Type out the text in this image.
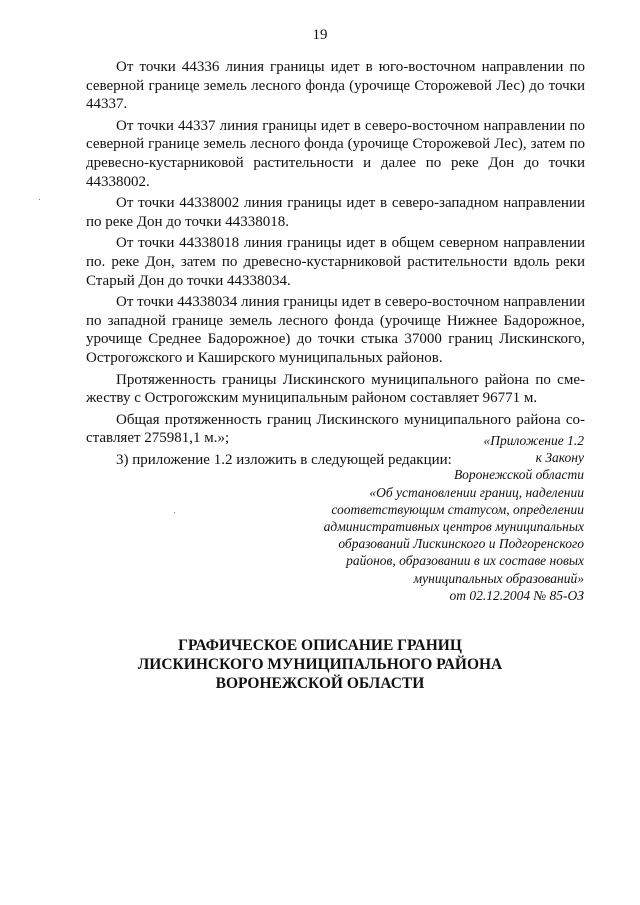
19
От точки 44336 линия границы идет в юго-восточном направлении по
северной границе земель лесного фонда (урочище Сторожевой Лес) до точки
44337.
От точки 44337 линия границы идет в северо-восточном направлении по
северной границе земель лесного фонда (урочище Сторожевой Лес), затем по
древесно-кустарниковой растительности и далее по реке Дон до точки
44338002.
От точки 44338002 линия границы идет в северо-западном направлении
по реке Дон до точки 44338018.
От точки 44338018 линия границы идет в общем северном направлении
по. реке Дон, затем по древесно-кустарниковой растительности вдоль реки
Старый Дон до точки 44338034.
От точки 44338034 линия границы идет в северо-восточном направлении
по западной границе земель лесного фонда (урочище Нижнее Бадорожное,
урочище Среднее Бадорожное) до точки стыка 37000 границ Лискинского,
Острогожского и Каширского муниципальных районов.
Протяженность границы Лискинского муниципального района по сме-
жеству с Острогожским муниципальным районом составляет 96771 м.
Общая протяженность границ Лискинского муниципального района со-
ставляет 275981,1 м.»;
3) приложение 1.2 изложить в следующей редакции:
«Приложение 1.2
к Закону
Воронежской области
«Об установлении границ, наделении
соответствующим статусом, определении
административных центров муниципальных
образований Лискинского и Подгоренского
районов, образовании в их составе новых
муниципальных образований»
от 02.12.2004 № 85-ОЗ
ГРАФИЧЕСКОЕ ОПИСАНИЕ ГРАНИЦ
ЛИСКИНСКОГО МУНИЦИПАЛЬНОГО РАЙОНА
ВОРОНЕЖСКОЙ ОБЛАСТИ
